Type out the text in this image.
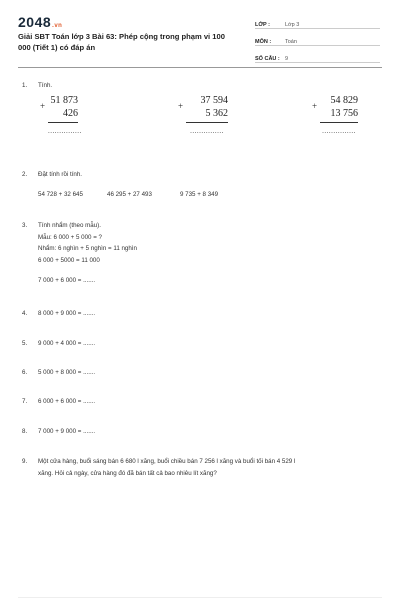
2048.vn
Giải SBT Toán lớp 3 Bài 63: Phép cộng trong phạm vi 100 000 (Tiết 1) có đáp án
LỚP :	Lớp 3
MÔN :	Toán
SỐ CÂU : 9
1. Tính.
51 873
+
426
...............
37 594
+
5 362
...............
54 829
+
13 756
...............
2. Đặt tính rồi tính.
54 728 + 32 645	46 295 + 27 493	9 735 + 8 349
3. Tính nhẩm (theo mẫu).
Mẫu: 6 000 + 5 000 = ?
Nhẩm: 6 nghìn + 5 nghìn = 11 nghìn
6 000 + 5000 = 11 000
7 000 + 6 000 = .......
4. 8 000 + 9 000 = .......
5. 9 000 + 4 000 = .......
6. 5 000 + 8 000 = .......
7. 6 000 + 6 000 = .......
8. 7 000 + 9 000 = .......
9. Một cửa hàng, buổi sáng bán 6 680 l xăng, buổi chiều bán 7 256 l xăng và buổi tối bán 4 529 l
xăng. Hỏi cả ngày, cửa hàng đó đã bán tất cả bao nhiêu lít xăng?
